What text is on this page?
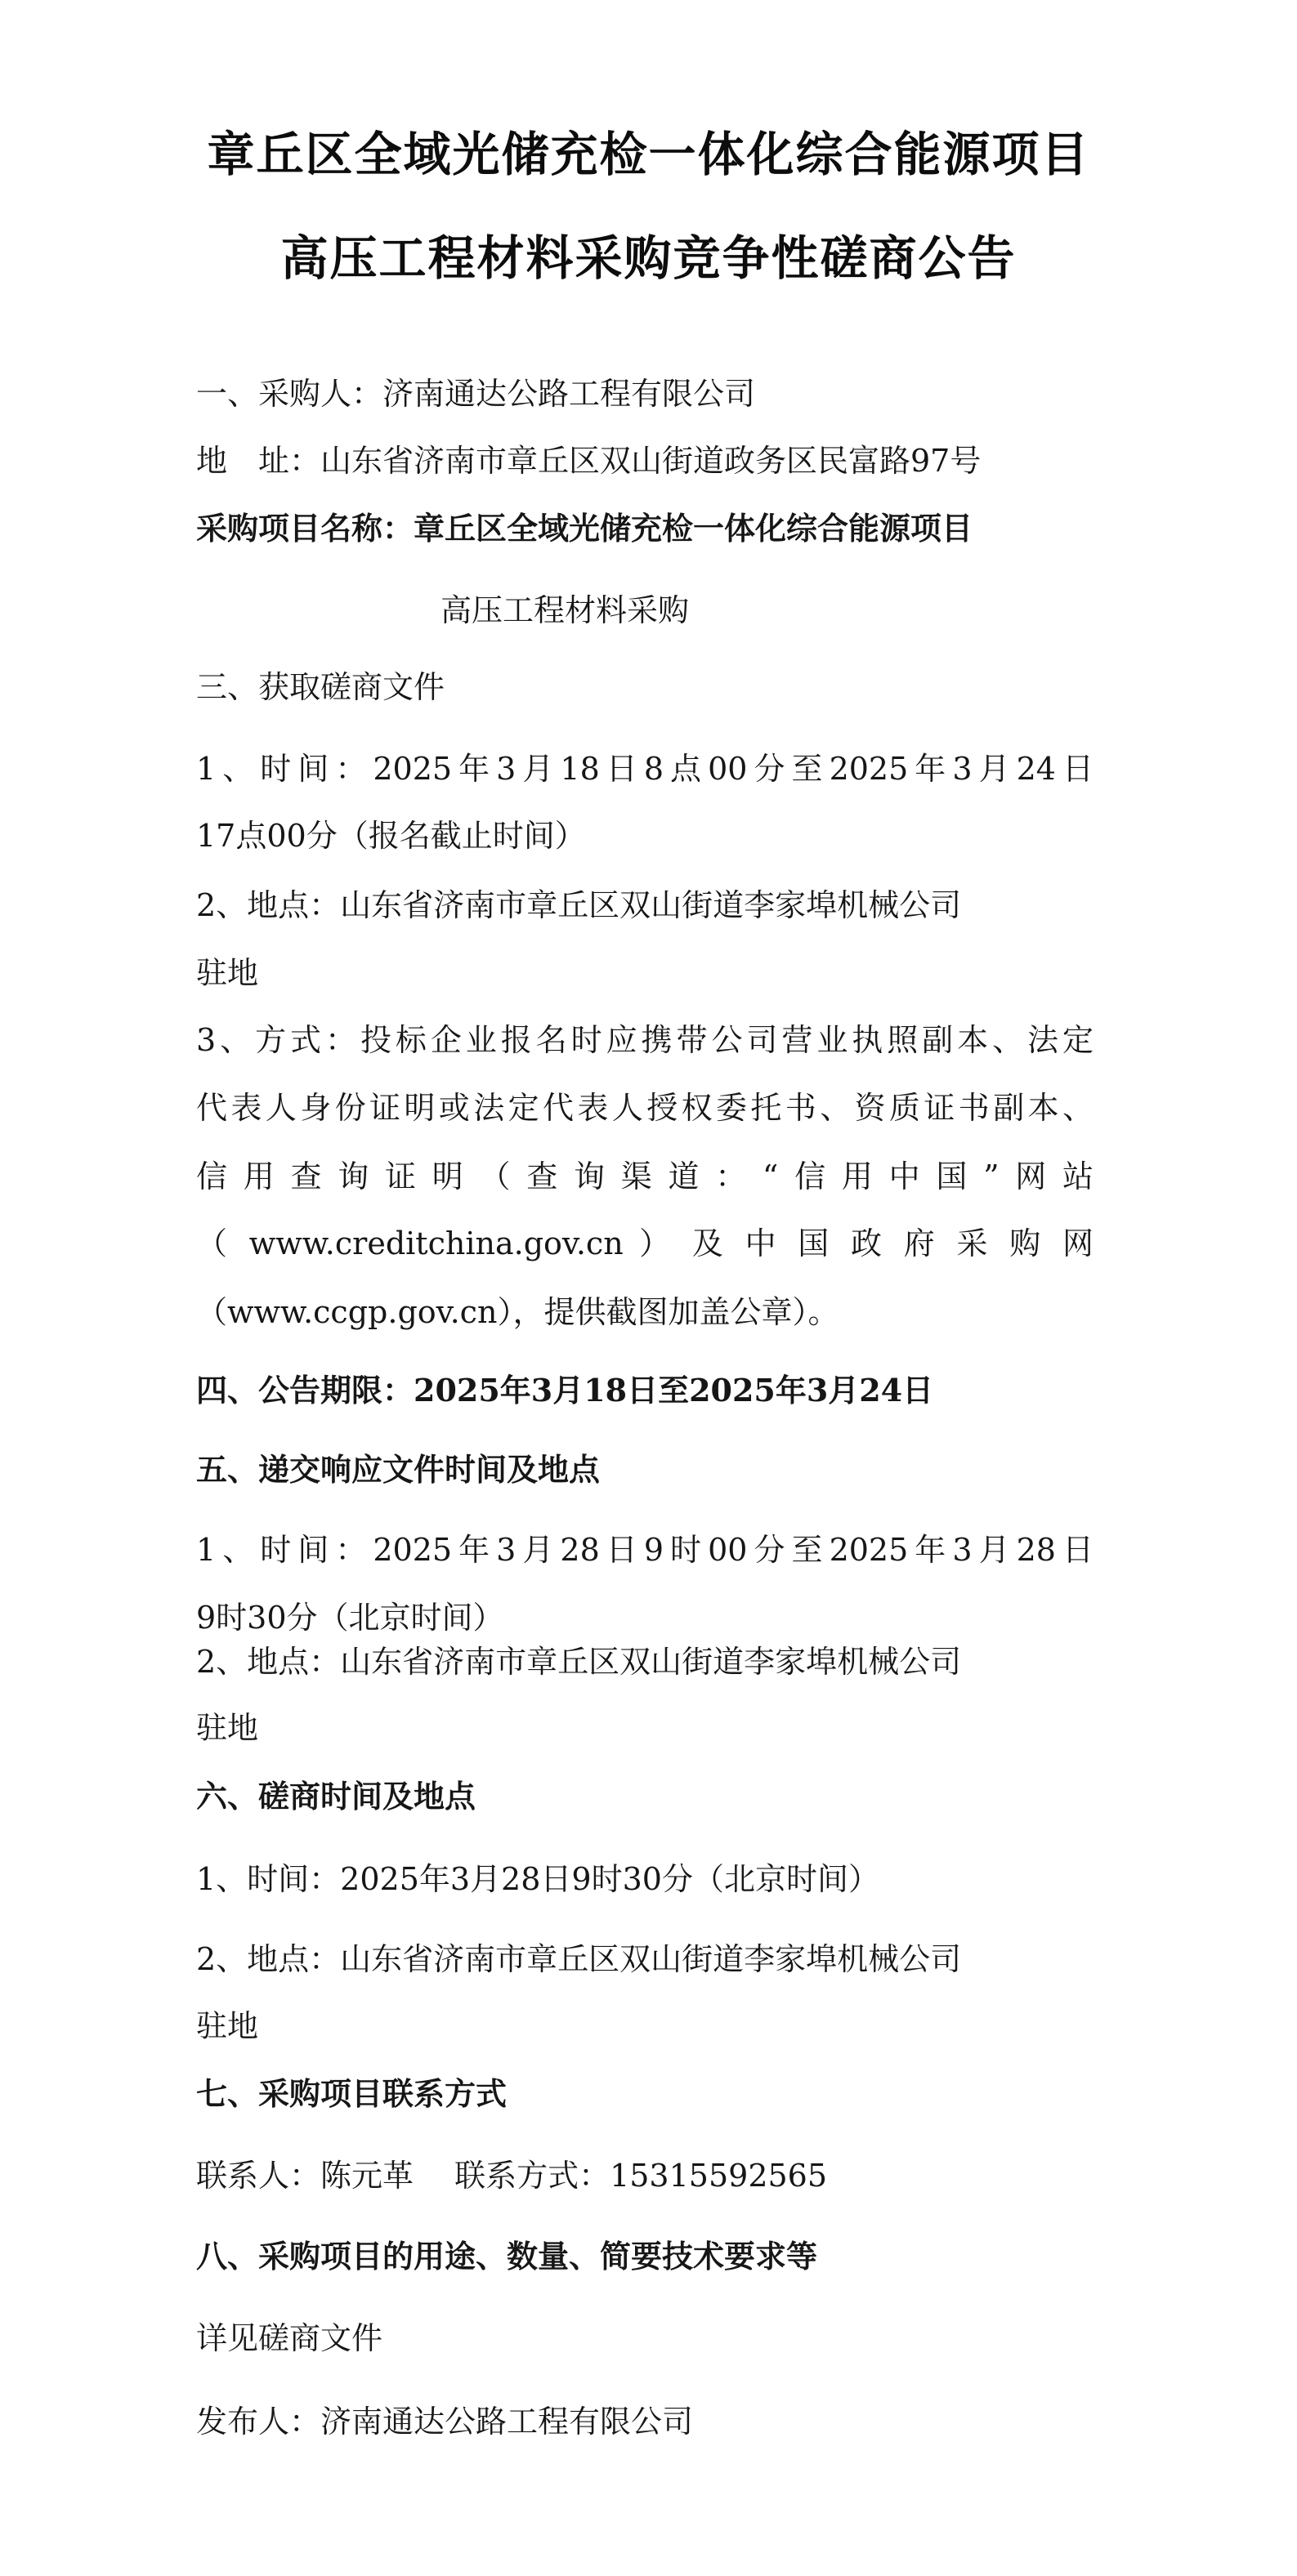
章丘区全域光储充检一体化综合能源项目
高压工程材料采购竞争性磋商公告
一、采购人：济南通达公路工程有限公司
地　址：山东省济南市章丘区双山街道政务区民富路97号
采购项目名称：章丘区全域光储充检一体化综合能源项目
高压工程材料采购
三、获取磋商文件
1、时间：2025年3月18日8点00分至2025年3月24日
17点00分（报名截止时间）
2、地点：山东省济南市章丘区双山街道李家埠机械公司
驻地
3、方式：投标企业报名时应携带公司营业执照副本、法定
代表人身份证明或法定代表人授权委托书、资质证书副本、
信用查询证明（查询渠道：“信用中国”网站
（ www.creditchina.gov.cn ） 及 中 国 政 府 采 购 网
（www.ccgp.gov.cn），提供截图加盖公章）。
四、公告期限：2025年3月18日至2025年3月24日
五、递交响应文件时间及地点
1、时间：2025年3月28日9时00分至2025年3月28日
9时30分（北京时间）
2、地点：山东省济南市章丘区双山街道李家埠机械公司
驻地
六、磋商时间及地点
1、时间：2025年3月28日9时30分（北京时间）
2、地点：山东省济南市章丘区双山街道李家埠机械公司
驻地
七、采购项目联系方式
联系人：陈元革　 联系方式：15315592565
八、采购项目的用途、数量、简要技术要求等
详见磋商文件
发布人：济南通达公路工程有限公司
